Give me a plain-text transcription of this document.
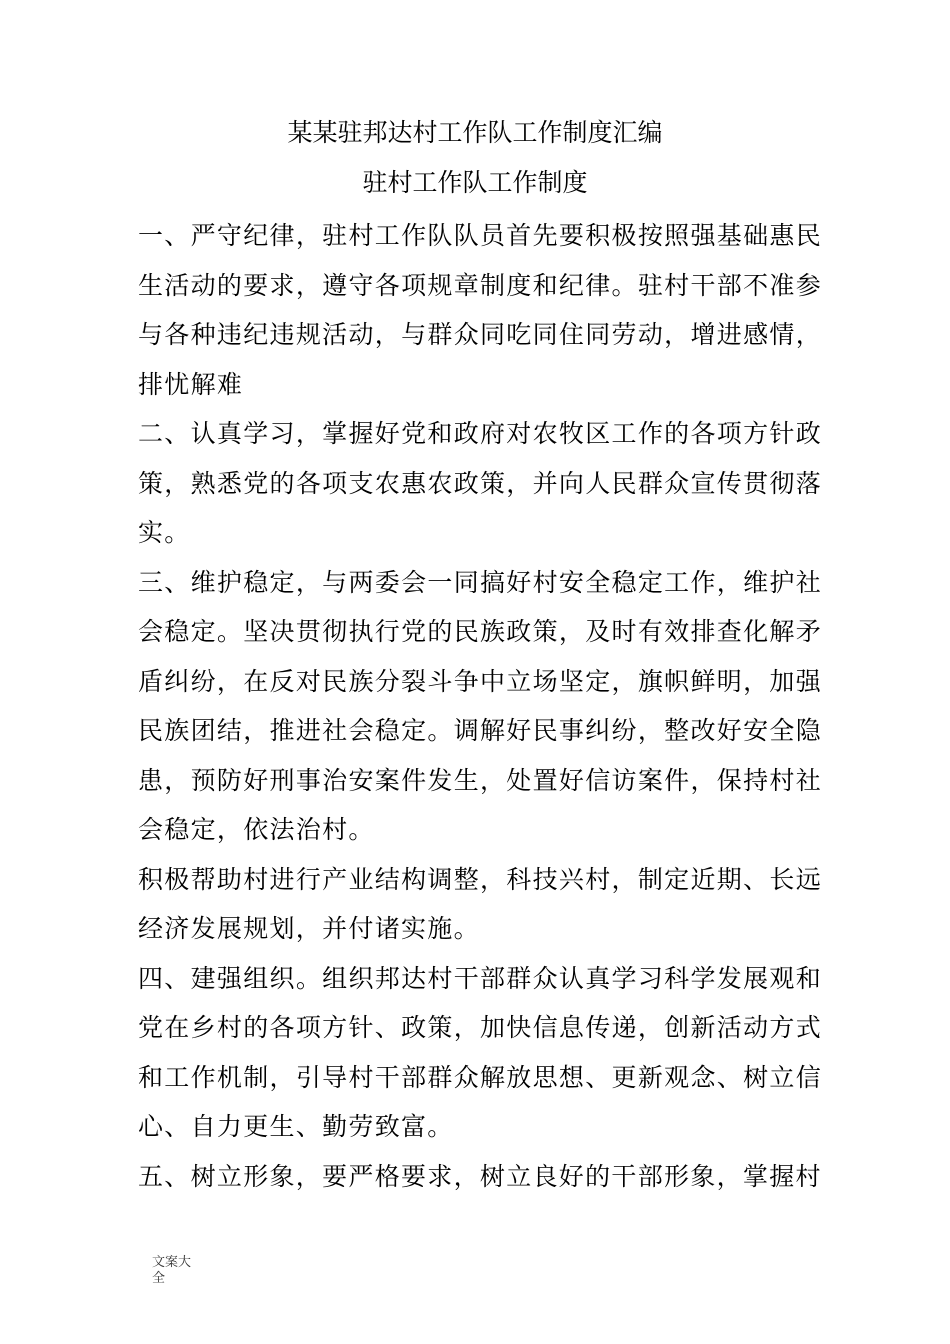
某某驻邦达村工作队工作制度汇编
驻村工作队工作制度

一、严守纪律，驻村工作队队员首先要积极按照强基础惠民生活动的要求，遵守各项规章制度和纪律。驻村干部不准参与各种违纪违规活动，与群众同吃同住同劳动，增进感情，排忧解难

二、认真学习，掌握好党和政府对农牧区工作的各项方针政策，熟悉党的各项支农惠农政策，并向人民群众宣传贯彻落实。

三、维护稳定，与两委会一同搞好村安全稳定工作，维护社会稳定。坚决贯彻执行党的民族政策，及时有效排查化解矛盾纠纷，在反对民族分裂斗争中立场坚定，旗帜鲜明，加强民族团结，推进社会稳定。调解好民事纠纷，整改好安全隐患，预防好刑事治安案件发生，处置好信访案件，保持村社会稳定，依法治村。

积极帮助村进行产业结构调整，科技兴村，制定近期、长远经济发展规划，并付诸实施。

四、建强组织。组织邦达村干部群众认真学习科学发展观和党在乡村的各项方针、政策，加快信息传递，创新活动方式和工作机制，引导村干部群众解放思想、更新观念、树立信心、自力更生、勤劳致富。

五、树立形象，要严格要求，树立良好的干部形象，掌握村

文案大全
